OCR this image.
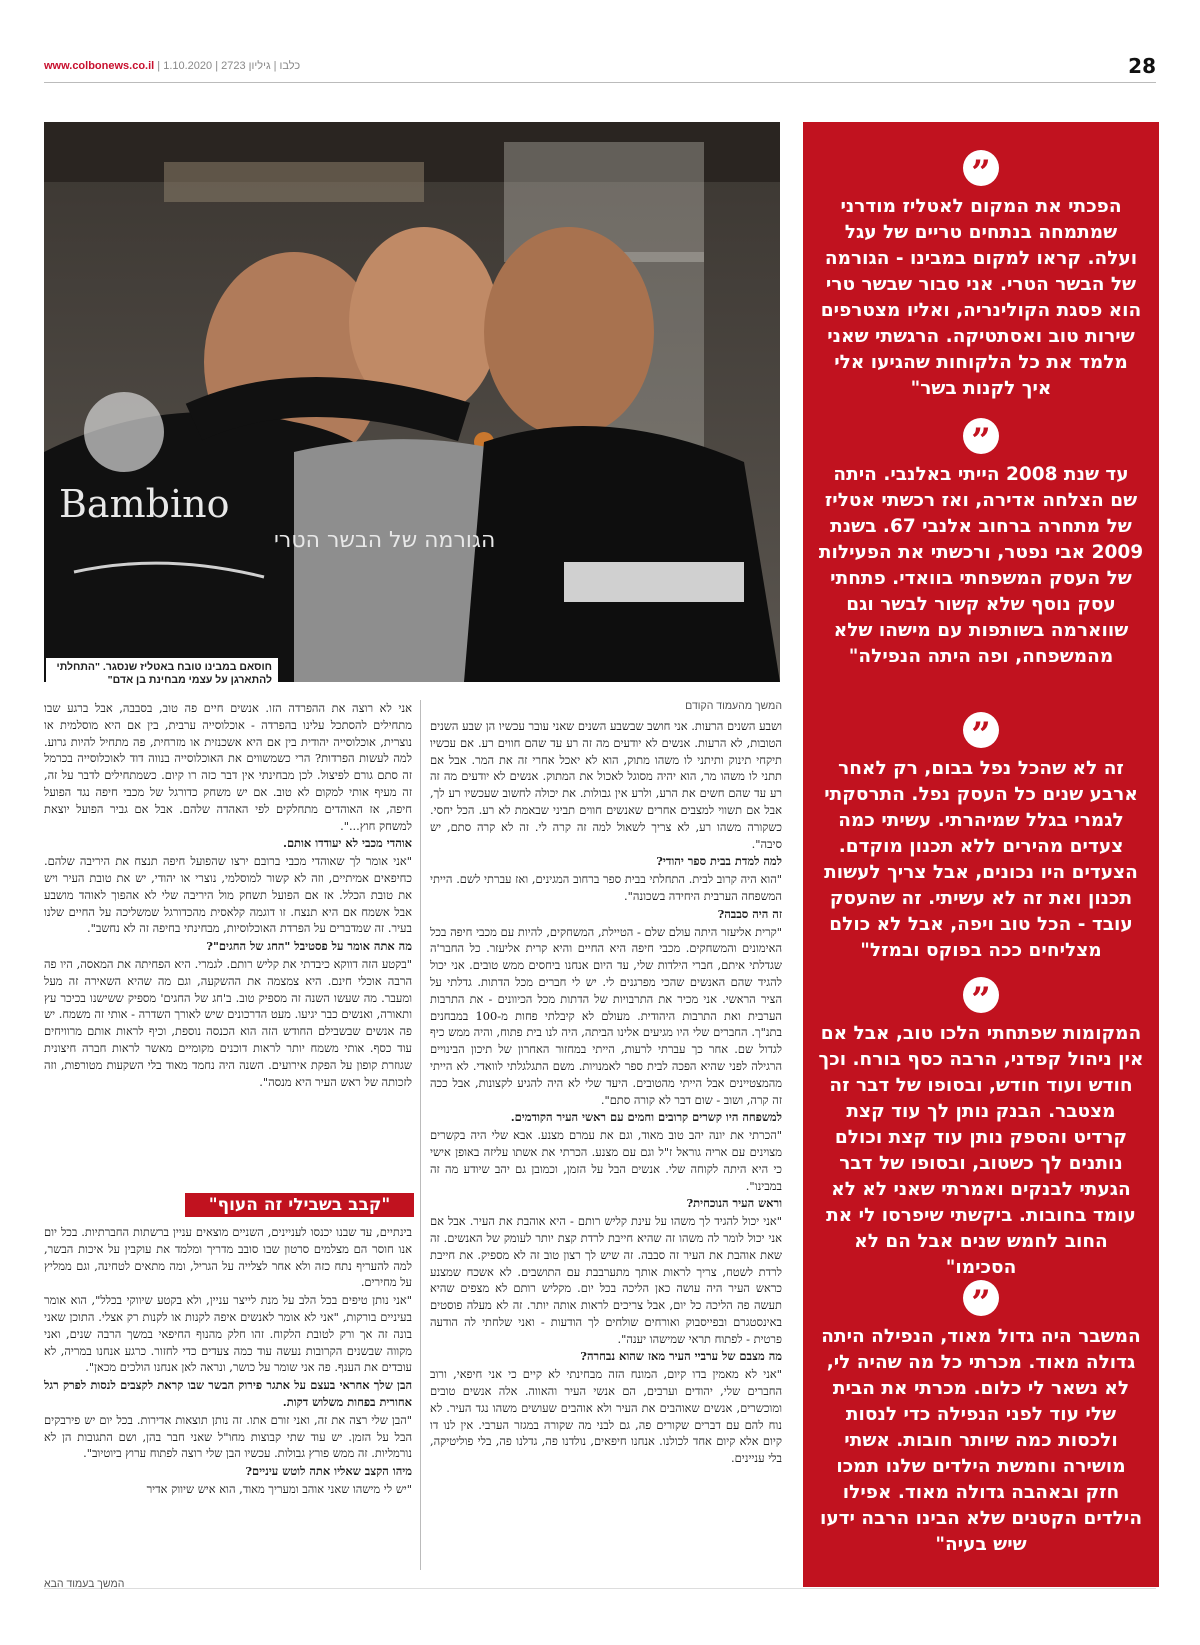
www.colbonews.co.il | כלבו | גיליון 2723 | 1.10.2020	28
Bambino
הגורמה של הבשר הטרי
חוסאם במבינו טובח באטליז שנסגר. "התחלתי להתארגן על עצמי מבחינת בן אדם"
”
הפכתי את המקום לאטליז מודרני שמתמחה בנתחים טריים של עגל ועלה. קראו למקום במבינו - הגורמה של הבשר הטרי. אני סבור שבשר טרי הוא פסגת הקולינריה, ואליו מצטרפים שירות טוב ואסתטיקה. הרגשתי שאני מלמד את כל הלקוחות שהגיעו אלי איך לקנות בשר"
”
עד שנת 2008 הייתי באלנבי. היתה שם הצלחה אדירה, ואז רכשתי אטליז של מתחרה ברחוב אלנבי 67. בשנת 2009 אבי נפטר, ורכשתי את הפעילות של העסק המשפחתי בוואדי. פתחתי עסק נוסף שלא קשור לבשר וגם שווארמה בשותפות עם מישהו שלא מהמשפחה, ופה היתה הנפילה"
”
זה לא שהכל נפל בבום, רק לאחר ארבע שנים כל העסק נפל. התרסקתי לגמרי בגלל שמיהרתי. עשיתי כמה צעדים מהירים ללא תכנון מוקדם. הצעדים היו נכונים, אבל צריך לעשות תכנון ואת זה לא עשיתי. זה שהעסק עובד - הכל טוב ויפה, אבל לא כולם מצליחים ככה בפוקס ובמזל"
”
המקומות שפתחתי הלכו טוב, אבל אם אין ניהול קפדני, הרבה כסף בורח. וכך חודש ועוד חודש, ובסופו של דבר זה מצטבר. הבנק נותן לך עוד קצת קרדיט והספק נותן עוד קצת וכולם נותנים לך כשטוב, ובסופו של דבר הגעתי לבנקים ואמרתי שאני לא לא עומד בחובות. ביקשתי שיפרסו לי את החוב לחמש שנים אבל הם לא הסכימו"
”
המשבר היה גדול מאוד, הנפילה היתה גדולה מאוד. מכרתי כל מה שהיה לי, לא נשאר לי כלום. מכרתי את הבית שלי עוד לפני הנפילה כדי לנסות ולכסות כמה שיותר חובות. אשתי מושירה וחמשת הילדים שלנו תמכו חזק ובאהבה גדולה מאוד. אפילו הילדים הקטנים שלא הבינו הרבה ידעו שיש בעיה"
המשך מהעמוד הקודם

ושבע השנים הרעות. אני חושב שבשבע השנים שאני עובר עכשיו הן שבע השנים הטובות, לא הרעות. אנשים לא יודעים מה זה רע עד שהם חווים רע. אם עכשיו תיקחי תינוק ותיתני לו משהו מתוק, הוא לא יאכל אחרי זה את המר. אבל אם תתני לו משהו מר, הוא יהיה מסוגל לאכול את המתוק. אנשים לא יודעים מה זה רע עד שהם חשים את הרע, ולרע אין גבולות. את יכולה לחשוב שעכשיו רע לך, אבל אם תשווי למצבים אחרים שאנשים חווים תביני שבאמת לא רע. הכל יחסי. כשקורה משהו רע, לא צריך לשאול למה זה קרה לי. זה לא קרה סתם, יש סיבה".

למה למדת בבית ספר יהודי?

"הוא היה קרוב לבית. התחלתי בבית ספר ברחוב המגינים, ואז עברתי לשם. הייתי המשפחה הערבית היחידה בשכונה".

זה היה סבבה?

"קרית אליעזר היתה עולם שלם - הטיילת, המשחקים, להיות עם מכבי חיפה בכל האימונים והמשחקים. מכבי חיפה היא החיים והיא קרית אליעזר. כל החבר'ה שגדלתי איתם, חברי הילדות שלי, עד היום אנחנו ביחסים ממש טובים. אני יכול להגיד שהם האנשים שהכי מפרגנים לי. יש לי חברים מכל הדתות. גדלתי על הציר הראשי. אני מכיר את התרבויות של הדתות מכל הכיוונים - את התרבות הערבית ואת התרבות היהודית. מעולם לא קיבלתי פחות מ-100 במבחנים בתנ"ך. החברים שלי היו מגיעים אלינו הביתה, היה לנו בית פתוח, והיה ממש כיף לגדול שם. אחר כך עברתי לרעות, הייתי במחזור האחרון של תיכון הבינויים הרגילה לפני שהיא הפכה לבית ספר לאמנויות. משם התגלגלתי לוואדי. לא הייתי מהמצטיינים אבל הייתי מהטובים. היעד שלי לא היה להגיע לקצונות, אבל ככה זה קרה, ושוב - שום דבר לא קורה סתם".

למשפחה היו קשרים קרובים וחמים עם ראשי העיר הקודמים.

"הכרתי את יונה יהב טוב מאוד, וגם את עמרם מצנע. אבא שלי היה בקשרים מצוינים עם אריה גוראל ז"ל וגם עם מצנע. הכרתי את אשתו עליזה באופן אישי כי היא היתה לקוחה שלי. אנשים הבל על הזמן, וכמובן גם יהב שיודע מה זה במבינו".

וראש העיר הנוכחית?

"אני יכול להגיד לך משהו על עינת קליש רותם - היא אוהבת את העיר. אבל אם אני יכול לומר לה משהו זה שהיא חייבת לרדת קצת יותר לעומק של האנשים. זה שאת אוהבת את העיר זה סבבה. זה שיש לך רצון טוב זה לא מספיק. את חייבת לרדת לשטח, צריך לראות אותך מתערבבת עם התושבים. לא אשכח שמצנע כראש העיר היה עושה כאן הליכה בכל יום. מקליש רותם לא מצפים שהיא תעשה פה הליכה כל יום, אבל צריכים לראות אותה יותר. זה לא מעלה פוסטים באינסטגרם ובפייסבוק ואורחים שולחים לך הודעות - ואני שלחתי לה הודעה פרטית - לפתוח תראי שמישהו יענה".

מה מצבם של ערביי העיר מאז שהוא נבחרה?

"אני לא מאמין בדו קיום, המונח הזה מבחינתי לא קיים כי אני חיפאי, ורוב החברים שלי, יהודים וערבים, הם אנשי העיר והאווה. אלה אנשים טובים ומוכשרים, אנשים שאוהבים את העיר ולא אוהבים שעושים משהו נגד העיר. לא נוח להם עם דברים שקורים פה, גם לבני מה שקורה במגזר הערבי. אין לנו דו קיום אלא קיום אחד לכולנו. אנחנו חיפאים, נולדנו פה, גדלנו פה, בלי פוליטיקה, בלי עניינים.

אני לא רוצה את ההפרדה הזו. אנשים חיים פה טוב, בסבבה, אבל ברגע שבו מתחילים להסתכל עלינו בהפרדה - אוכלוסייה ערבית, בין אם היא מוסלמית או נוצרית, אוכלוסייה יהודית בין אם היא אשכנזית או מזרחית, פה מתחיל להיות גרוע. למה לעשות הפרדות? הרי כשמשווים את האוכלוסייה בנווה דוד לאוכלוסייה בכרמל זה סתם גורם לפיצול. לכן מבחינתי אין דבר כזה רו קיום. כשמתחילים לדבר על זה, זה מעיף אותי למקום לא טוב. אם יש משחק כדורגל של מכבי חיפה נגד הפועל חיפה, אז האוהדים מתחלקים לפי האהדה שלהם. אבל אם גביר הפועל יוצאת למשחק חוץ...".

אוהדי מכבי לא יעודדו אותם.

"אני אומר לך שאוהדי מכבי ברובם ירצו שהפועל חיפה תנצח את היריבה שלהם. כחיפאים אמיתיים, וזה לא קשור למוסלמי, נוצרי או יהודי, יש את טובת העיר ויש את טובת הכלל. אז אם הפועל תשחק מול היריבה שלי לא אהפוך לאוהד מושבע אבל אשמח אם היא תנצח. זו דוגמה קלאסית מהכדורגל שמשליכה על החיים שלנו בעיר. זה שמדברים על הפרדת האוכלוסיות, מבחינתי בחיפה זה לא נחשב".

מה אתה אומר על פסטיבל "החג של החגים"?

"בקטע הזה דווקא כיבדתי את קליש רותם. לגמרי. היא הפחיתה את המאסה, היו פה הרבה אוכלי חינם. היא צמצמה את ההשקעה, וגם מה שהיא השאירה זה מעל ומעבר. מה שעשו השנה זה מספיק טוב. ב'חג של החגים' מספיק ששישנו בכיכר עץ ותאורה, ואנשים כבר יגיעו. מעט הדרכונים שיש לאורך השדרה - אותי זה משמח. יש פה אנשים שבשבילם החודש הזה הוא הכנסה נוספת, וכיף לראות אותם מרוויחים עוד כסף. אותי משמח יותר לראות דוכנים מקומיים מאשר לראות חברה חיצונית שגוזרת קופון על הפקת אירועים. השנה היה נחמד מאוד בלי השקעות מטורפות, וזה לזכותה של ראש העיר היא מנסה".

"קבב בשבילי זה העוף"

בינתיים, עד שבנו יכנסו לעניינים, השניים מוצאים עניין ברשתות החברתיות. בכל יום אנו חוסר הם מצלמים סרטון שבו סובב מדריך ומלמד את עוקבין על איכות הבשר, למה להעריף נתח כזה ולא אחר לצלייה על הגריל, ומה מתאים לטחינה, וגם ממליץ על מחירים.

"אני נותן טיפים בכל הלב על מנת לייצר עניין, ולא בקטע שיווקי בכלל", הוא אומר בעיניים בורקות, "אני לא אומר לאנשים איפה לקנות או לקנות רק אצלי. התוכן שאני בונה זה אך ורק לטובת הלקוח. זהו חלק מהנוף החיפאי במשך הרבה שנים, ואני מקווה שבשנים הקרובות נעשה עוד כמה צעדים כדי לחזור. כרגע אנחנו במריה, לא עובדים את הענף. פה אני שומר על כושר, ונראה לאן אנחנו הולכים מכאן".

הבן שלך אחראי בעצם על אתגר פירוק הבשר שבו קראת לקצבים לנסות לפרק רגל אחורית בפחות משלוש דקות.

"הבן שלי רצה את זה, ואני זורם אתו. זה נותן תוצאות אדירות. בכל יום יש פירבקים הבל על הזמן. יש עוד שתי קבוצות מחו"ל שאני חבר בהן, ושם התגובות הן לא נורמליות. זה ממש פורץ גבולות. עכשיו הבן שלי רוצה לפתוח ערוץ ביוטיוב".

מיהו הקצב שאליו אתה לוטש עיניים?

"יש לי מישהו שאני אוהב ומעריך מאוד, הוא איש שיווק אדיר

המשך בעמוד הבא
